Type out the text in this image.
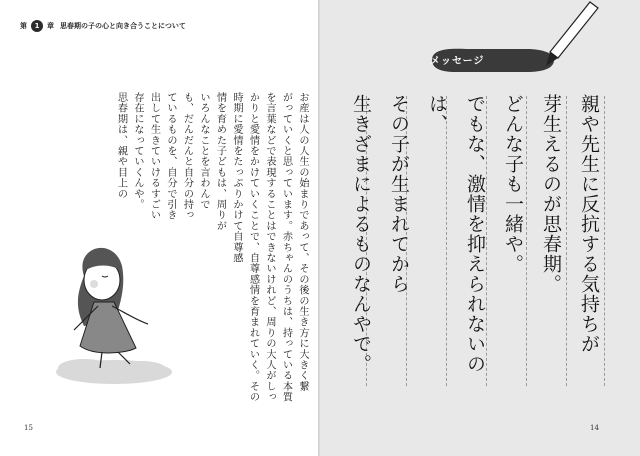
第	1	章 思春期の子の心と向き合うことについて
お産は人の人生の始まりであって、その後の生き方に大きく繋
がっていくと思っています。赤ちゃんのうちは、持っている本質
を言葉などで表現することはできないけれど、周りの大人がしっ
かりと愛情をかけていくことで、自尊感情を育まれていく。その
時期に愛情をたっぷりかけて自尊感
情を育めた子どもは、周りが
いろんなことを言わんで
も、だんだんと自分の持っ
ているものを、自分で引き
出して生きていけるすごい
存在になっていくんや。
思春期は、親や目上の
15
メッセージ
親や先生に反抗する気持ちが
芽生えるのが思春期。
どんな子も一緒や。
でもな、激情を抑えられないのは、
その子が生まれてから
生きざまによるものなんやで。
14
